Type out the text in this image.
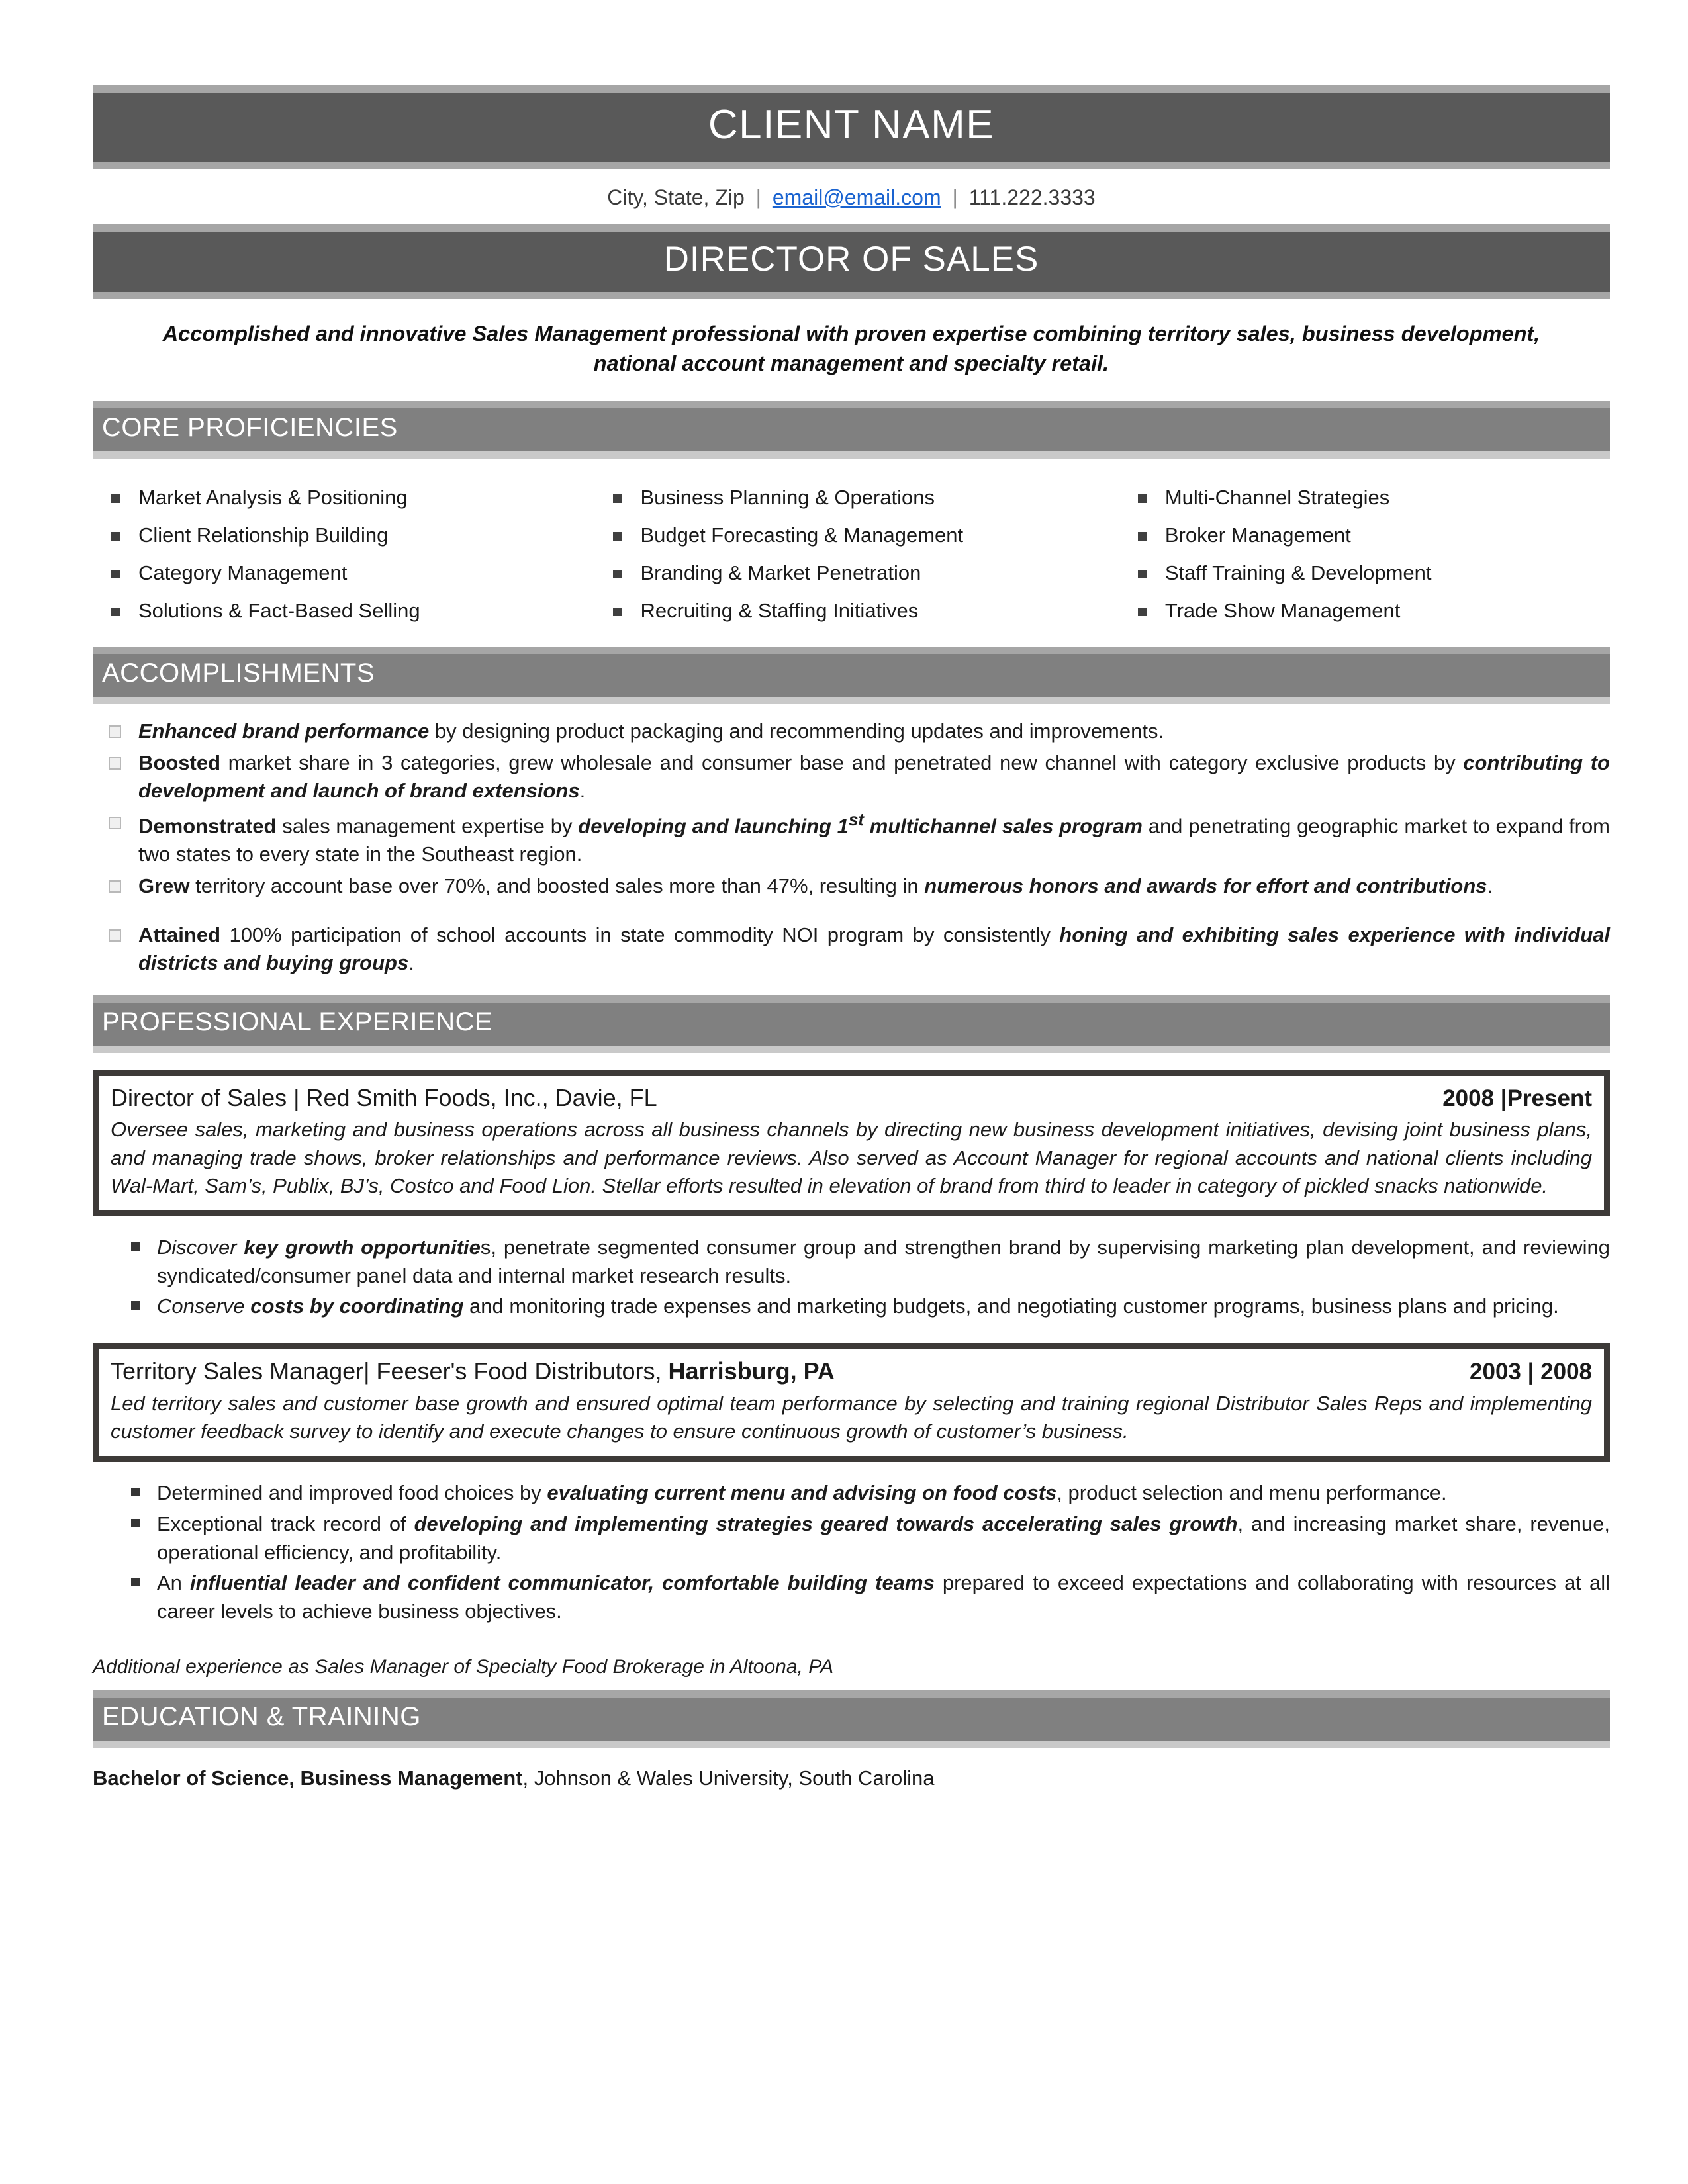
CLIENT NAME
City, State, Zip | email@email.com | 111.222.3333
DIRECTOR OF SALES
Accomplished and innovative Sales Management professional with proven expertise combining territory sales, business development, national account management and specialty retail.
CORE PROFICIENCIES
Market Analysis & Positioning	Business Planning & Operations	Multi-Channel Strategies
Client Relationship Building	Budget Forecasting & Management	Broker Management
Category Management	Branding & Market Penetration	Staff Training & Development
Solutions & Fact-Based Selling	Recruiting & Staffing Initiatives	Trade Show Management
ACCOMPLISHMENTS
Enhanced brand performance by designing product packaging and recommending updates and improvements.
Boosted market share in 3 categories, grew wholesale and consumer base and penetrated new channel with category exclusive products by contributing to development and launch of brand extensions.
Demonstrated sales management expertise by developing and launching 1st multichannel sales program and penetrating geographic market to expand from two states to every state in the Southeast region.
Grew territory account base over 70%, and boosted sales more than 47%, resulting in numerous honors and awards for effort and contributions.
Attained 100% participation of school accounts in state commodity NOI program by consistently honing and exhibiting sales experience with individual districts and buying groups.
PROFESSIONAL EXPERIENCE
Director of Sales | Red Smith Foods, Inc., Davie, FL	2008 |Present
Oversee sales, marketing and business operations across all business channels by directing new business development initiatives, devising joint business plans, and managing trade shows, broker relationships and performance reviews. Also served as Account Manager for regional accounts and national clients including Wal-Mart, Sam’s, Publix, BJ’s, Costco and Food Lion. Stellar efforts resulted in elevation of brand from third to leader in category of pickled snacks nationwide.
Discover key growth opportunities, penetrate segmented consumer group and strengthen brand by supervising marketing plan development, and reviewing syndicated/consumer panel data and internal market research results.
Conserve costs by coordinating and monitoring trade expenses and marketing budgets, and negotiating customer programs, business plans and pricing.
Territory Sales Manager| Feeser's Food Distributors, Harrisburg, PA	2003 | 2008
Led territory sales and customer base growth and ensured optimal team performance by selecting and training regional Distributor Sales Reps and implementing customer feedback survey to identify and execute changes to ensure continuous growth of customer’s business.
Determined and improved food choices by evaluating current menu and advising on food costs, product selection and menu performance.
Exceptional track record of developing and implementing strategies geared towards accelerating sales growth, and increasing market share, revenue, operational efficiency, and profitability.
An influential leader and confident communicator, comfortable building teams prepared to exceed expectations and collaborating with resources at all career levels to achieve business objectives.
Additional experience as Sales Manager of Specialty Food Brokerage in Altoona, PA
EDUCATION & TRAINING
Bachelor of Science, Business Management, Johnson & Wales University, South Carolina
